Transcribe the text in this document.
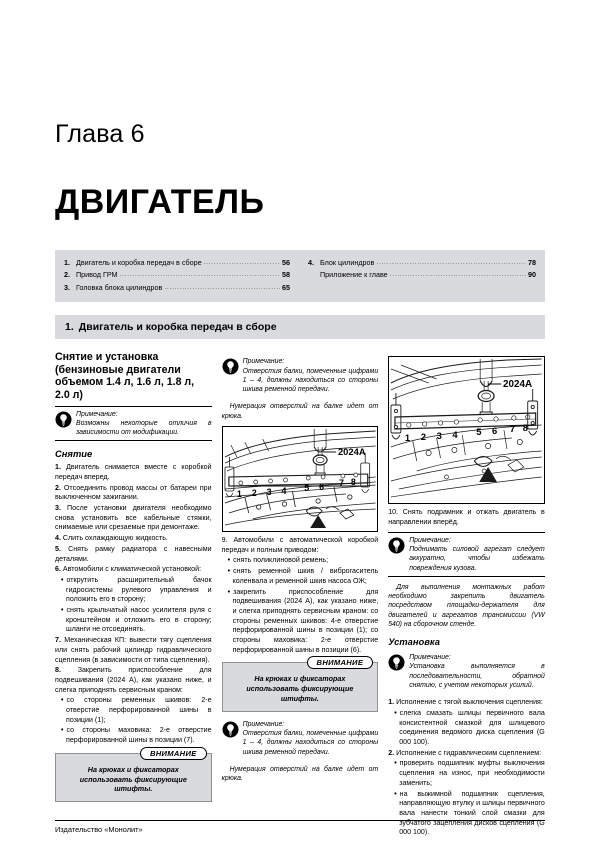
Глава 6
ДВИГАТЕЛЬ
1. Двигатель и коробка передач в сборе .....	56
2. Привод ГРМ .....	58
3. Головка блока цилиндров .....	65
4. Блок цилиндров .....	78
Приложение к главе .....	90
1. Двигатель и коробка передач в сборе
Снятие и установка (бензиновые двигатели объемом 1.4 л, 1.6 л, 1.8 л, 2.0 л)
Примечание:
Возможны некоторые отличия в зависимости от модификации.
Снятие
1. Двигатель снимается вместе с коробкой передач вперед.
2. Отсоединить провод массы от батареи при выключенном зажигании.
3. После установки двигателя необходимо снова установить все кабельные стяжки, снимаемые или срезаемые при демонтаже.
4. Слить охлаждающую жидкость.
5. Снять рамку радиатора с навесными деталями.
6. Автомобили с климатической установкой:
• открутить расширительный бачок гидросистемы рулевого управления и положить его в сторону;
• снять крыльчатый насос усилителя руля с кронштейном и отложить его в сторону; шланги не отсоединять.
7. Механическая КП: вывести тягу сцепления или снять рабочий цилиндр гидравлического сцепления (в зависимости от типа сцепления).
8. Закрепить приспособление для подвешивания (2024 А), как указано ниже, и слегка приподнять сервисным краном:
• со стороны ременных шкивов: 2-е отверстие перфорированной шины в позиции (1);
• со стороны маховика: 2-е отверстие перфорированной шины в позиции (7).
ВНИМАНИЕ
На крюках и фиксаторах использовать фиксирующие штифты.
Примечание:
Отверстия балки, помеченные цифрами 1 – 4, должны находиться со стороны шкива ременной передачи.
Нумерация отверстий на балке идет от крюка.
1 2 3 4 5 6 7 8
2024A
9. Автомобили с автоматической коробкой передач и полным приводом:
• снять поликлиновой ремень;
• снять ременной шкив / виброгаситель коленвала и ременной шкив насоса ОЖ;
• закрепить приспособление для подвешивания (2024 А), как указано ниже, и слегка приподнять сервисным краном: со стороны ременных шкивов: 4-е отверстие перфорированной шины в позиции (1); со стороны маховика: 2-е отверстие перфорированной шины в позиции (6).
ВНИМАНИЕ
На крюках и фиксаторах использовать фиксирующие штифты.
Примечание:
Отверстия балки, помеченные цифрами 1 – 4, должны находиться со стороны шкива ременной передачи.
Нумерация отверстий на балке идет от крюка.
1 2 3 4 5 6 7 8
2024A
10. Снять подрамник и отжать двигатель в направлении вперёд.
Примечание:
Поднимать силовой агрегат следует аккуратно, чтобы избежать повреждения кузова.
Для выполнения монтажных работ необходимо закрепить двигатель посредством площадки-держателя для двигателей и агрегатов трансмиссии (VW 540) на сборочном стенде.
Установка
Примечание:
Установка выполняется в последовательности, обратной снятию, с учетом некоторых усилий.
1. Исполнение с тягой выключения сцепления:
• слегка смазать шлицы первичного вала консистентной смазкой для шлицевого соединения ведомого диска сцепления (G 000 100).
2. Исполнение с гидравлическим сцеплением:
• проверить подшипник муфты выключения сцепления на износ, при необходимости заменить;
• на выжимной подшипник сцепления, направляющую втулку и шлицы первичного вала нанести тонкий слой смазки для зубчатого зацепления дисков сцепления (G 000 100).
Издательство «Монолит»
